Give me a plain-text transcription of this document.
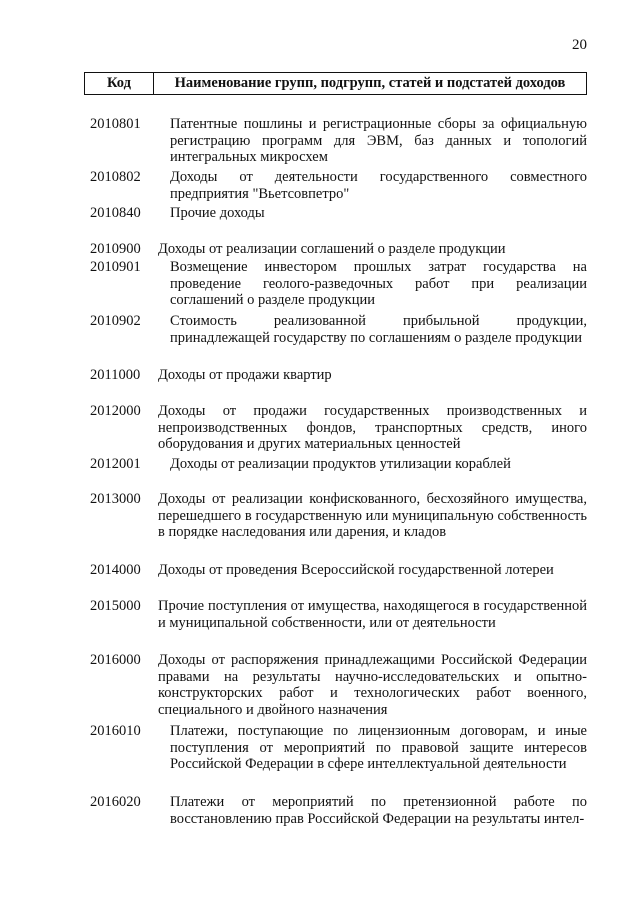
20
Код	Наименование групп, подгрупп, статей и подстатей доходов
2010801 Патентные пошлины и регистрационные сборы за официальную регистрацию программ для ЭВМ, баз данных и топологий интегральных микросхем
2010802 Доходы от деятельности государственного совместного предприятия "Вьетсовпетро"
2010840 Прочие доходы
2010900 Доходы от реализации соглашений о разделе продукции
2010901 Возмещение инвестором прошлых затрат государства на проведение геолого-разведочных работ при реализации соглашений о разделе продукции
2010902 Стоимость реализованной прибыльной продукции, принадлежащей государству по соглашениям о разделе продукции
2011000 Доходы от продажи квартир
2012000 Доходы от продажи государственных производственных и непроизводственных фондов, транспортных средств, иного оборудования и других материальных ценностей
2012001 Доходы от реализации продуктов утилизации кораблей
2013000 Доходы от реализации конфискованного, бесхозяйного имущества, перешедшего в государственную или муниципальную собственность в порядке наследования или дарения, и кладов
2014000 Доходы от проведения Всероссийской государственной лотереи
2015000 Прочие поступления от имущества, находящегося в государственной и муниципальной собственности, или от деятельности
2016000 Доходы от распоряжения принадлежащими Российской Федерации правами на результаты научно-исследовательских и опытно-конструкторских работ и технологических работ военного, специального и двойного назначения
2016010 Платежи, поступающие по лицензионным договорам, и иные поступления от мероприятий по правовой защите интересов Российской Федерации в сфере интеллектуальной деятельности
2016020 Платежи от мероприятий по претензионной работе по восстановлению прав Российской Федерации на результаты интел-
